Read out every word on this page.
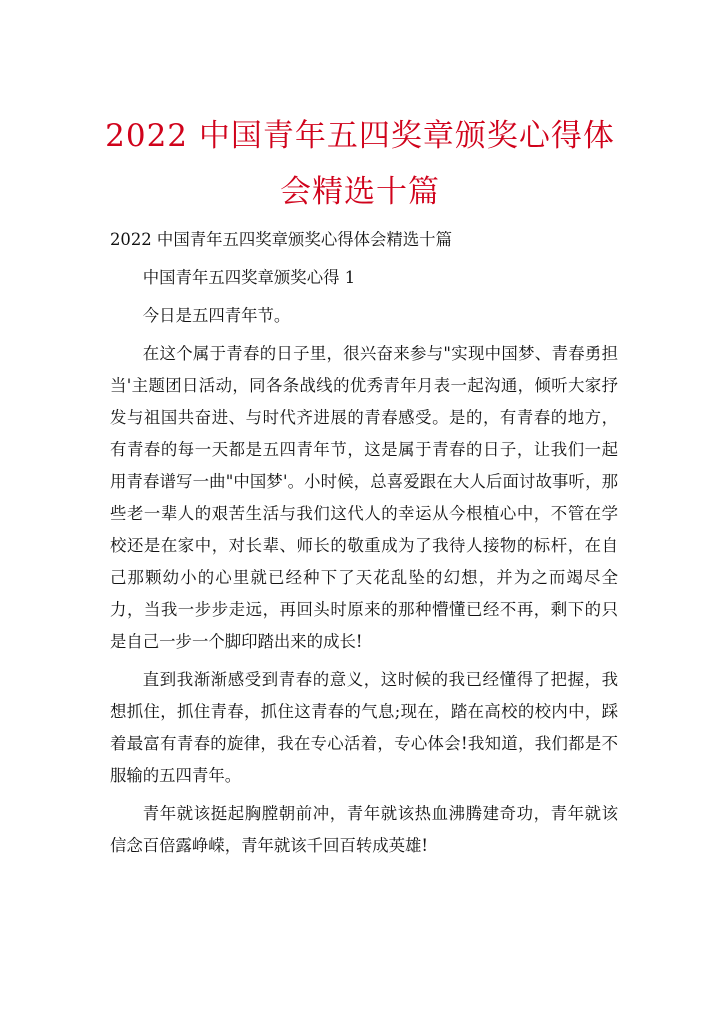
2022 中国青年五四奖章颁奖心得体
会精选十篇

2022 中国青年五四奖章颁奖心得体会精选十篇

中国青年五四奖章颁奖心得 1

今日是五四青年节。

在这个属于青春的日子里，很兴奋来参与"实现中国梦、青春勇担当'主题团日活动，同各条战线的优秀青年月表一起沟通，倾听大家抒发与祖国共奋进、与时代齐进展的青春感受。是的，有青春的地方，有青春的每一天都是五四青年节，这是属于青春的日子，让我们一起用青春谱写一曲"中国梦'。小时候，总喜爱跟在大人后面讨故事听，那些老一辈人的艰苦生活与我们这代人的幸运从今根植心中，不管在学校还是在家中，对长辈、师长的敬重成为了我待人接物的标杆，在自己那颗幼小的心里就已经种下了天花乱坠的幻想，并为之而竭尽全力，当我一步步走远，再回头时原来的那种懵懂已经不再，剩下的只是自己一步一个脚印踏出来的成长!

直到我渐渐感受到青春的意义，这时候的我已经懂得了把握，我想抓住，抓住青春，抓住这青春的气息;现在，踏在高校的校内中，踩着最富有青春的旋律，我在专心活着，专心体会!我知道，我们都是不服输的五四青年。

青年就该挺起胸膛朝前冲，青年就该热血沸腾建奇功，青年就该信念百倍露峥嵘，青年就该千回百转成英雄!
